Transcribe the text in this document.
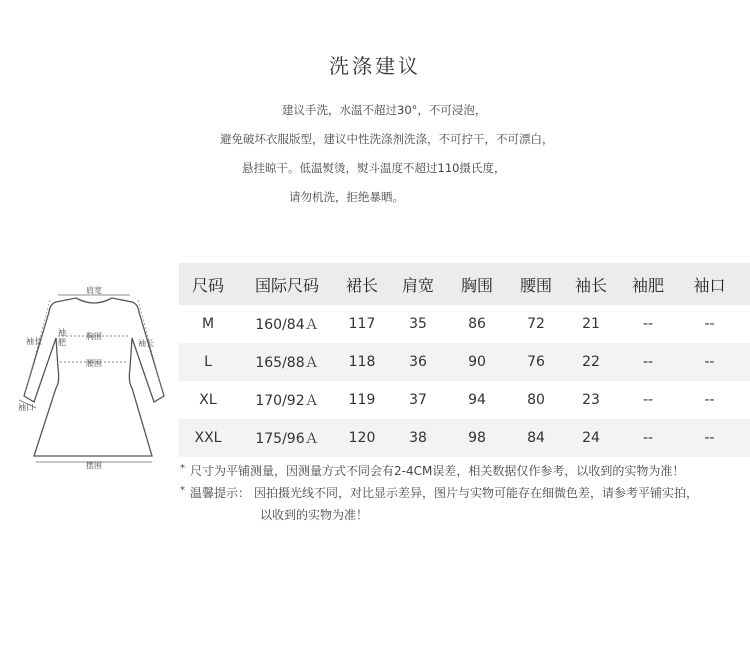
洗涤建议
建议手洗，水温不超过30°，不可浸泡，
避免破坏衣服版型，建议中性洗涤剂洗涤，不可拧干，不可漂白，
悬挂晾干。低温熨烫，熨斗温度不超过110摄氏度，
请勿机洗，拒绝暴晒。
肩宽
袖长
袖
肥
胸围
袖长
腰围
袖口
摆围
尺码	国际尺码	裙长	肩宽	胸围	腰围	袖长	袖肥	袖口
M	160/84Ａ	117	35	86	72	21	--	--
L	165/88Ａ	118	36	90	76	22	--	--
XL	170/92Ａ	119	37	94	80	23	--	--
XXL	175/96Ａ	120	38	98	84	24	--	--
* 尺寸为平铺测量，因测量方式不同会有2-4CM误差，相关数据仅作参考，以收到的实物为准！
* 温馨提示： 因拍摄光线不同，对比显示差异，图片与实物可能存在细微色差，请参考平铺实拍，
以收到的实物为准！
